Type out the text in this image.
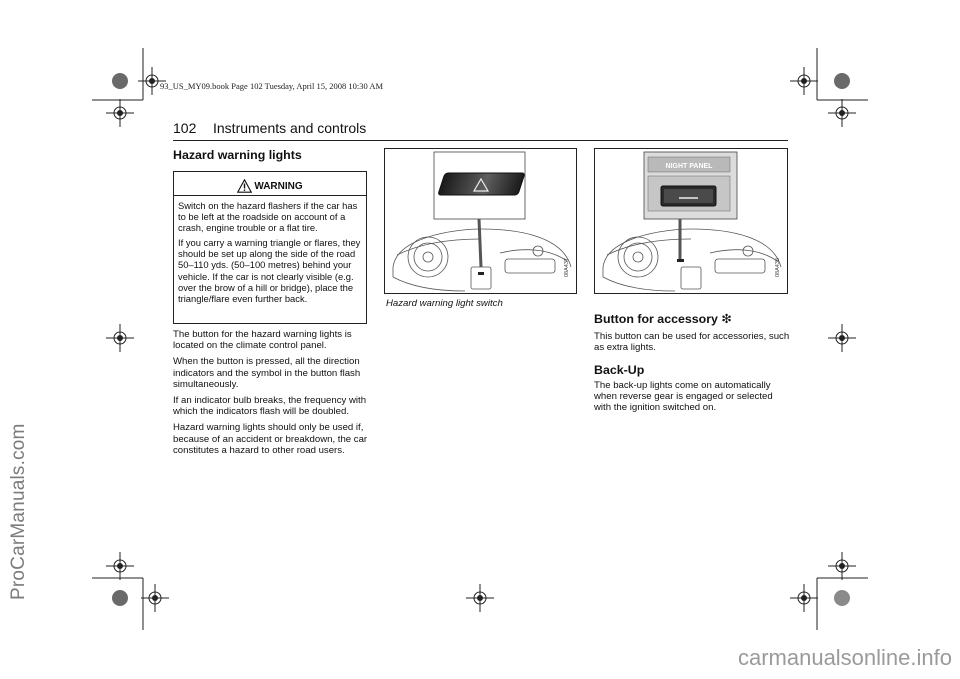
ProCarManuals.com
carmanualsonline.info
93_US_MY09.book Page 102 Tuesday, April 15, 2008 10:30 AM
102 Instruments and controls
Hazard warning lights
WARNING

Switch on the hazard flashers if the car has to be left at the roadside on account of a crash, engine trouble or a flat tire.

If you carry a warning triangle or flares, they should be set up along the side of the road 50–110 yds. (50–100 metres) behind your vehicle. If the car is not clearly visible (e.g. over the brow of a hill or bridge), place the triangle/flare even further back.

The button for the hazard warning lights is located on the climate control panel.

When the button is pressed, all the direction indicators and the symbol in the button flash simultaneously.

If an indicator bulb breaks, the frequency with which the indicators flash will be doubled.

Hazard warning lights should only be used if, because of an accident or breakdown, the car constitutes a hazard to other road users.

08A437
Hazard warning light switch
NIGHT PANEL
08A438
Button for accessory ❇
This button can be used for accessories, such as extra lights.
Back-Up
The back-up lights come on automatically when reverse gear is engaged or selected with the ignition switched on.
